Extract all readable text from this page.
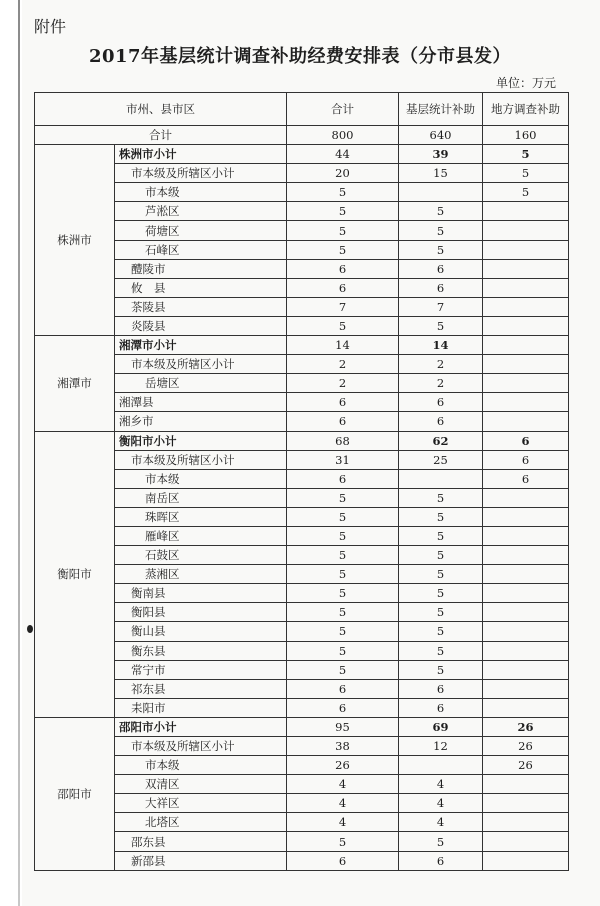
附件
2017年基层统计调查补助经费安排表（分市县发）
单位：万元
市州、县市区		合计	基层统计补助	地方调查补助
合计		800	640	160
株洲市	株洲市小计	44	39	5
	市本级及所辖区小计	20	15	5
	市本级	5		5
	芦淞区	5	5	
	荷塘区	5	5	
	石峰区	5	5	
	醴陵市	6	6	
	攸　县	6	6	
	茶陵县	7	7	
	炎陵县	5	5	
湘潭市	湘潭市小计	14	14	
	市本级及所辖区小计	2	2	
	岳塘区	2	2	
	湘潭县	6	6	
	湘乡市	6	6	
衡阳市	衡阳市小计	68	62	6
	市本级及所辖区小计	31	25	6
	市本级	6		6
	南岳区	5	5	
	珠晖区	5	5	
	雁峰区	5	5	
	石鼓区	5	5	
	蒸湘区	5	5	
	衡南县	5	5	
	衡阳县	5	5	
	衡山县	5	5	
	衡东县	5	5	
	常宁市	5	5	
	祁东县	6	6	
	耒阳市	6	6	
邵阳市	邵阳市小计	95	69	26
	市本级及所辖区小计	38	12	26
	市本级	26		26
	双清区	4	4	
	大祥区	4	4	
	北塔区	4	4	
	邵东县	5	5	
	新邵县	6	6	
